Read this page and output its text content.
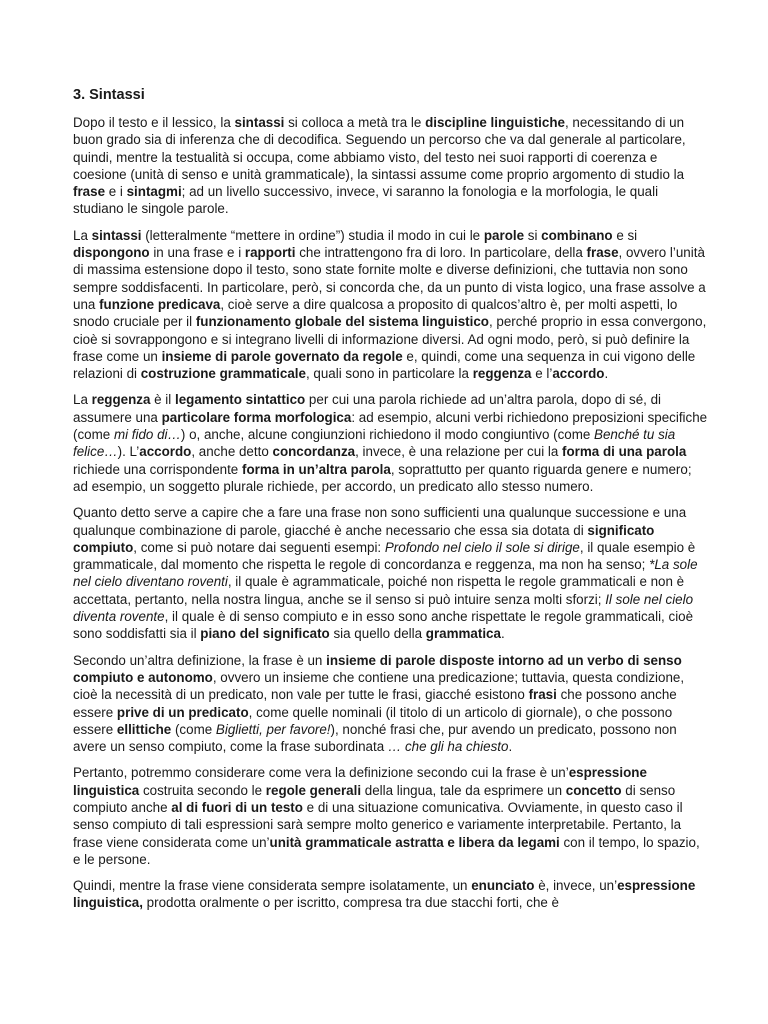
3. Sintassi

Dopo il testo e il lessico, la sintassi si colloca a metà tra le discipline linguistiche, necessitando di un buon grado sia di inferenza che di decodifica. Seguendo un percorso che va dal generale al particolare, quindi, mentre la testualità si occupa, come abbiamo visto, del testo nei suoi rapporti di coerenza e coesione (unità di senso e unità grammaticale), la sintassi assume come proprio argomento di studio la frase e i sintagmi; ad un livello successivo, invece, vi saranno la fonologia e la morfologia, le quali studiano le singole parole.

La sintassi (letteralmente “mettere in ordine”) studia il modo in cui le parole si combinano e si dispongono in una frase e i rapporti che intrattengono fra di loro. In particolare, della frase, ovvero l’unità di massima estensione dopo il testo, sono state fornite molte e diverse definizioni, che tuttavia non sono sempre soddisfacenti. In particolare, però, si concorda che, da un punto di vista logico, una frase assolve a una funzione predicava, cioè serve a dire qualcosa a proposito di qualcos’altro è, per molti aspetti, lo snodo cruciale per il funzionamento globale del sistema linguistico, perché proprio in essa convergono, cioè si sovrappongono e si integrano livelli di informazione diversi. Ad ogni modo, però, si può definire la frase come un insieme di parole governato da regole e, quindi, come una sequenza in cui vigono delle relazioni di costruzione grammaticale, quali sono in particolare la reggenza e l’accordo.

La reggenza è il legamento sintattico per cui una parola richiede ad un’altra parola, dopo di sé, di assumere una particolare forma morfologica: ad esempio, alcuni verbi richiedono preposizioni specifiche (come mi fido di…) o, anche, alcune congiunzioni richiedono il modo congiuntivo (come Benché tu sia felice…). L’accordo, anche detto concordanza, invece, è una relazione per cui la forma di una parola richiede una corrispondente forma in un’altra parola, soprattutto per quanto riguarda genere e numero; ad esempio, un soggetto plurale richiede, per accordo, un predicato allo stesso numero.

Quanto detto serve a capire che a fare una frase non sono sufficienti una qualunque successione e una qualunque combinazione di parole, giacché è anche necessario che essa sia dotata di significato compiuto, come si può notare dai seguenti esempi: Profondo nel cielo il sole si dirige, il quale esempio è grammaticale, dal momento che rispetta le regole di concordanza e reggenza, ma non ha senso; *La sole nel cielo diventano roventi, il quale è agrammaticale, poiché non rispetta le regole grammaticali e non è accettata, pertanto, nella nostra lingua, anche se il senso si può intuire senza molti sforzi; Il sole nel cielo diventa rovente, il quale è di senso compiuto e in esso sono anche rispettate le regole grammaticali, cioè sono soddisfatti sia il piano del significato sia quello della grammatica.

Secondo un’altra definizione, la frase è un insieme di parole disposte intorno ad un verbo di senso compiuto e autonomo, ovvero un insieme che contiene una predicazione; tuttavia, questa condizione, cioè la necessità di un predicato, non vale per tutte le frasi, giacché esistono frasi che possono anche essere prive di un predicato, come quelle nominali (il titolo di un articolo di giornale), o che possono essere ellittiche (come Biglietti, per favore!), nonché frasi che, pur avendo un predicato, possono non avere un senso compiuto, come la frase subordinata … che gli ha chiesto.

Pertanto, potremmo considerare come vera la definizione secondo cui la frase è un’espressione linguistica costruita secondo le regole generali della lingua, tale da esprimere un concetto di senso compiuto anche al di fuori di un testo e di una situazione comunicativa. Ovviamente, in questo caso il senso compiuto di tali espressioni sarà sempre molto generico e variamente interpretabile. Pertanto, la frase viene considerata come un’unità grammaticale astratta e libera da legami con il tempo, lo spazio, e le persone.

Quindi, mentre la frase viene considerata sempre isolatamente, un enunciato è, invece, un’espressione linguistica, prodotta oralmente o per iscritto, compresa tra due stacchi forti, che è
